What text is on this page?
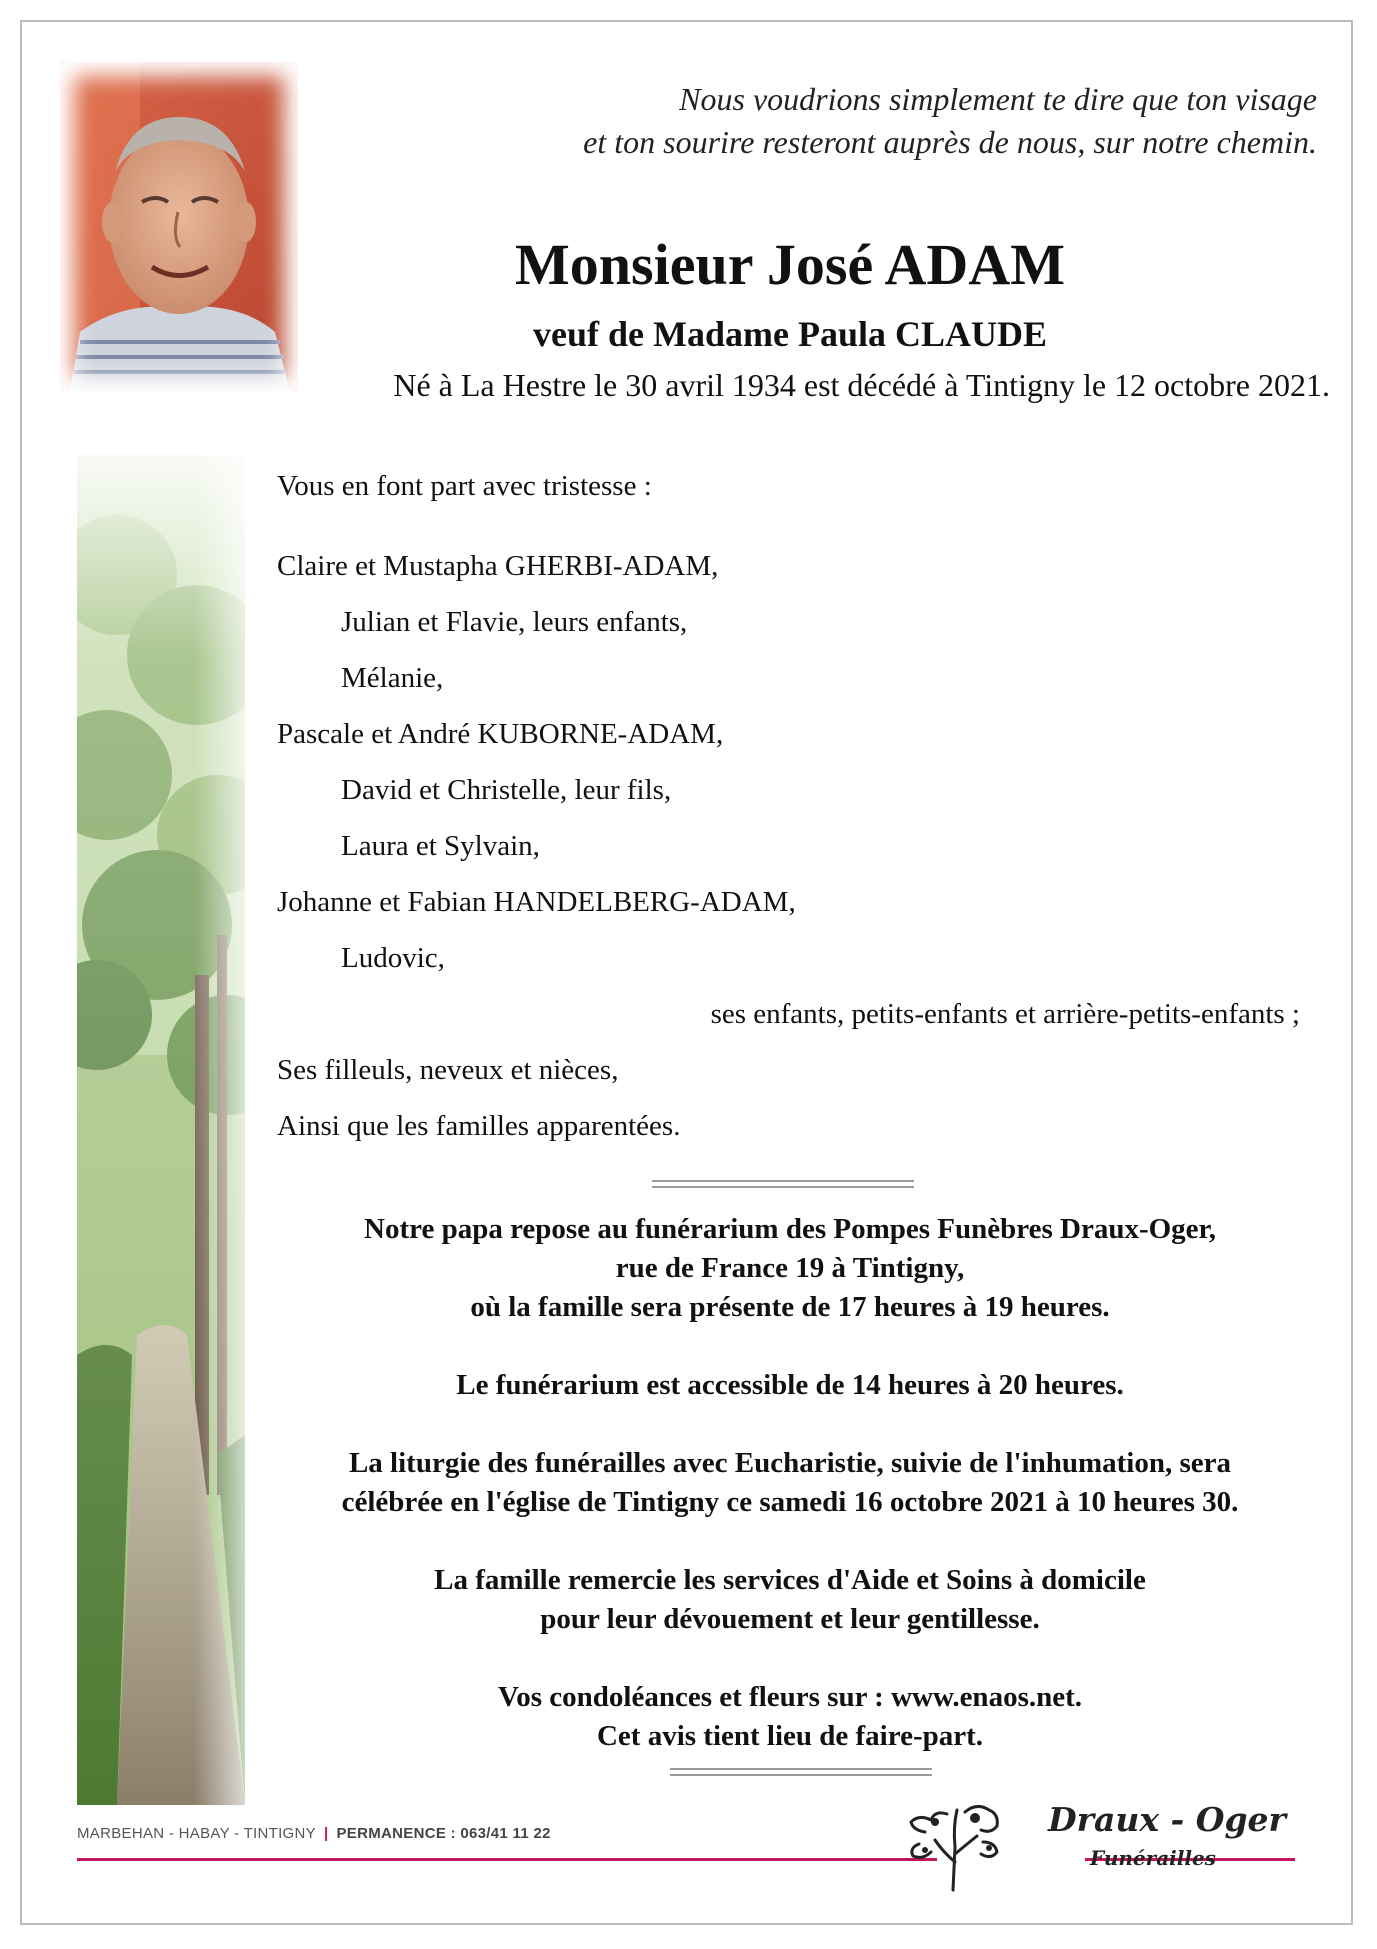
Nous voudrions simplement te dire que ton visage
et ton sourire resteront auprès de nous, sur notre chemin.
Monsieur José ADAM
veuf de Madame Paula CLAUDE
Né à La Hestre le 30 avril 1934 est décédé à Tintigny le 12 octobre 2021.
Vous en font part avec tristesse :
Claire et Mustapha GHERBI-ADAM,
Julian et Flavie, leurs enfants,
Mélanie,
Pascale et André KUBORNE-ADAM,
David et Christelle, leur fils,
Laura et Sylvain,
Johanne et Fabian HANDELBERG-ADAM,
Ludovic,
ses enfants, petits-enfants et arrière-petits-enfants ;
Ses filleuls, neveux et nièces,
Ainsi que les familles apparentées.

Notre papa repose au funérarium des Pompes Funèbres Draux-Oger,
rue de France 19 à Tintigny,
où la famille sera présente de 17 heures à 19 heures.

Le funérarium est accessible de 14 heures à 20 heures.

La liturgie des funérailles avec Eucharistie, suivie de l'inhumation, sera
célébrée en l'église de Tintigny ce samedi 16 octobre 2021 à 10 heures 30.

La famille remercie les services d'Aide et Soins à domicile
pour leur dévouement et leur gentillesse.

Vos condoléances et fleurs sur : www.enaos.net.
Cet avis tient lieu de faire-part.

MARBEHAN - HABAY - TINTIGNY | PERMANENCE : 063/41 11 22	Draux - Oger
Funérailles
